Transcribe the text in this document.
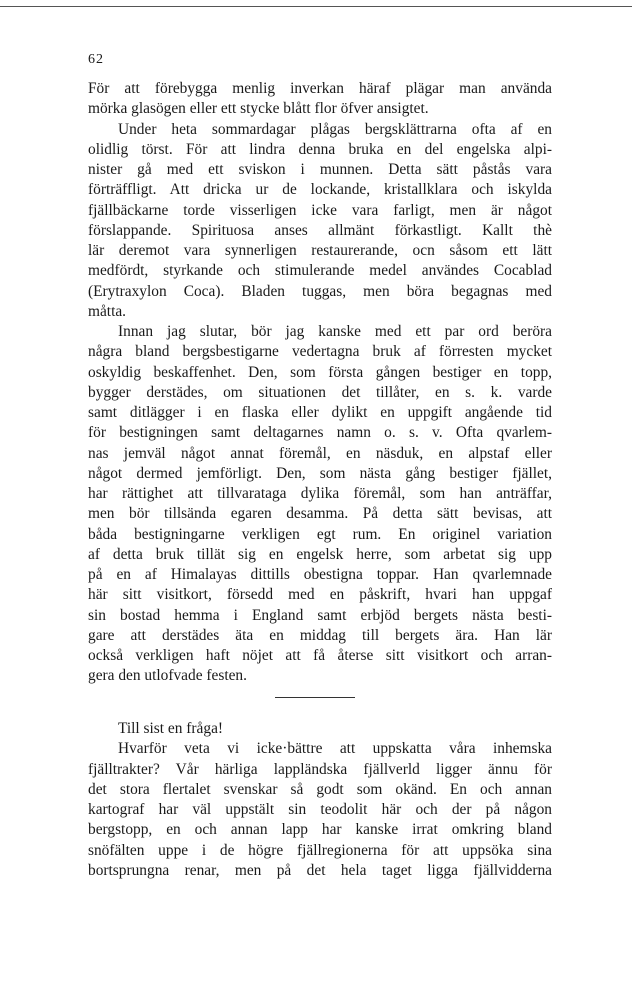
62
För att förebygga menlig inverkan häraf plägar man använda
mörka glasögen eller ett stycke blått flor öfver ansigtet.
Under heta sommardagar plågas bergsklättrarna ofta af en
olidlig törst. För att lindra denna bruka en del engelska alpi-
nister gå med ett sviskon i munnen. Detta sätt påstås vara
förträffligt. Att dricka ur de lockande, kristallklara och iskylda
fjällbäckarne torde visserligen icke vara farligt, men är något
förslappande. Spirituosa anses allmänt förkastligt. Kallt thè
lär deremot vara synnerligen restaurerande, ocn såsom ett lätt
medfördt, styrkande och stimulerande medel användes Cocablad
(Erytraxylon Coca). Bladen tuggas, men böra begagnas med
måtta.
Innan jag slutar, bör jag kanske med ett par ord beröra
några bland bergsbestigarne vedertagna bruk af förresten mycket
oskyldig beskaffenhet. Den, som första gången bestiger en topp,
bygger derstädes, om situationen det tillåter, en s. k. varde
samt ditlägger i en flaska eller dylikt en uppgift angående tid
för bestigningen samt deltagarnes namn o. s. v. Ofta qvarlem-
nas jemväl något annat föremål, en näsduk, en alpstaf eller
något dermed jemförligt. Den, som nästa gång bestiger fjället,
har rättighet att tillvarataga dylika föremål, som han anträffar,
men bör tillsända egaren desamma. På detta sätt bevisas, att
båda bestigningarne verkligen egt rum. En originel variation
af detta bruk tillät sig en engelsk herre, som arbetat sig upp
på en af Himalayas dittills obestigna toppar. Han qvarlemnade
här sitt visitkort, försedd med en påskrift, hvari han uppgaf
sin bostad hemma i England samt erbjöd bergets nästa besti-
gare att derstädes äta en middag till bergets ära. Han lär
också verkligen haft nöjet att få återse sitt visitkort och arran-
gera den utlofvade festen.
Till sist en fråga!
Hvarför veta vi icke·bättre att uppskatta våra inhemska
fjälltrakter? Vår härliga lappländska fjällverld ligger ännu för
det stora flertalet svenskar så godt som okänd. En och annan
kartograf har väl uppstält sin teodolit här och der på någon
bergstopp, en och annan lapp har kanske irrat omkring bland
snöfälten uppe i de högre fjällregionerna för att uppsöka sina
bortsprungna renar, men på det hela taget ligga fjällvidderna
